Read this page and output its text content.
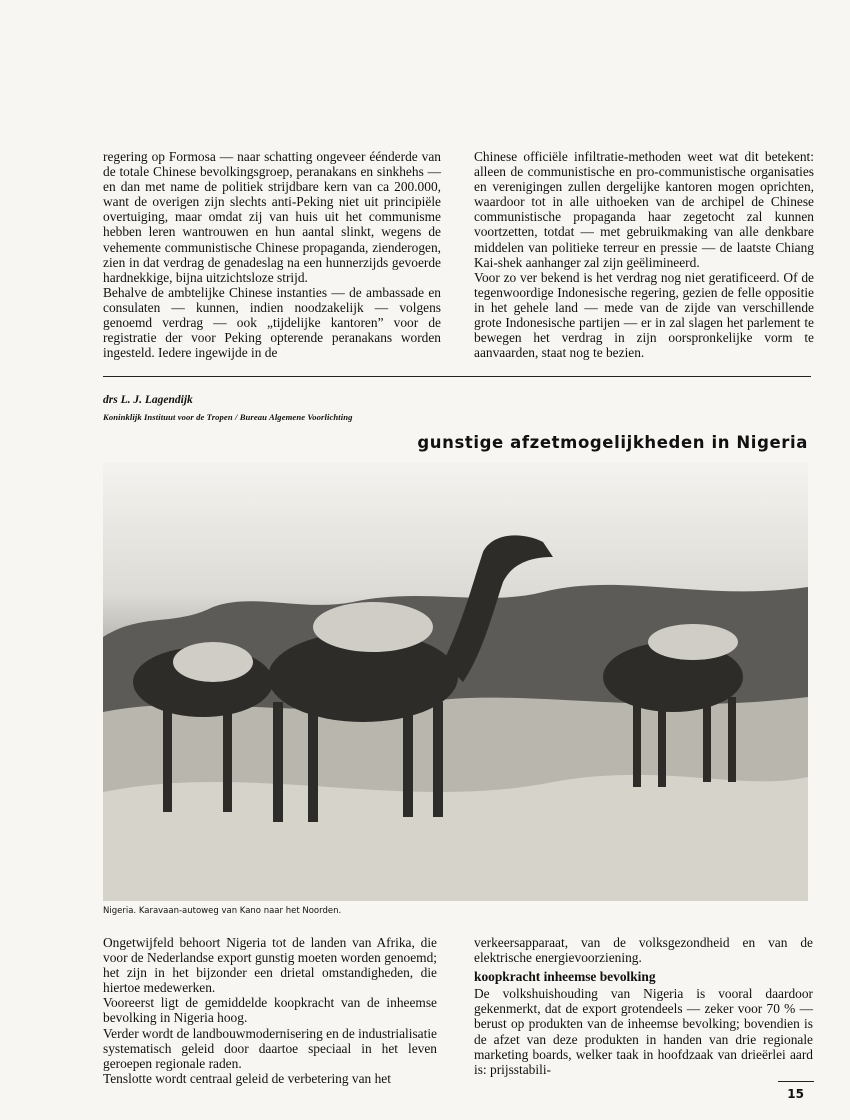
regering op Formosa — naar schatting ongeveer éénderde van de totale Chinese bevolkingsgroep, peranakans en sinkhehs — en dan met name de politiek strijdbare kern van ca 200.000, want de overigen zijn slechts anti-Peking niet uit principiële overtuiging, maar omdat zij van huis uit het communisme hebben leren wantrouwen en hun aantal slinkt, wegens de vehemente communistische Chinese propaganda, zienderogen, zien in dat verdrag de genadeslag na een hunnerzijds gevoerde hardnekkige, bijna uitzichtsloze strijd.

Behalve de ambtelijke Chinese instanties — de ambassade en consulaten — kunnen, indien noodzakelijk — volgens genoemd verdrag — ook „tijdelijke kantoren” voor de registratie der voor Peking opterende peranakans worden ingesteld. Iedere ingewijde in de

Chinese officiële infiltratie-methoden weet wat dit betekent: alleen de communistische en pro-communistische organisaties en verenigingen zullen dergelijke kantoren mogen oprichten, waardoor tot in alle uithoeken van de archipel de Chinese communistische propaganda haar zegetocht zal kunnen voortzetten, totdat — met gebruikmaking van alle denkbare middelen van politieke terreur en pressie — de laatste Chiang Kai-shek aanhanger zal zijn geëlimineerd.

Voor zo ver bekend is het verdrag nog niet geratificeerd. Of de tegenwoordige Indonesische regering, gezien de felle oppositie in het gehele land — mede van de zijde van verschillende grote Indonesische partijen — er in zal slagen het parlement te bewegen het verdrag in zijn oorspronkelijke vorm te aanvaarden, staat nog te bezien.

drs L. J. Lagendijk
Koninklijk Instituut voor de Tropen / Bureau Algemene Voorlichting
gunstige afzetmogelijkheden in Nigeria
Nigeria. Karavaan-autoweg van Kano naar het Noorden.

Ongetwijfeld behoort Nigeria tot de landen van Afrika, die voor de Nederlandse export gunstig moeten worden genoemd; het zijn in het bijzonder een drietal omstandigheden, die hiertoe medewerken.

Vooreerst ligt de gemiddelde koopkracht van de inheemse bevolking in Nigeria hoog.

Verder wordt de landbouwmodernisering en de industrialisatie systematisch geleid door daartoe speciaal in het leven geroepen regionale raden.

Tenslotte wordt centraal geleid de verbetering van het

verkeersapparaat, van de volksgezondheid en van de elektrische energievoorziening.

koopkracht inheemse bevolking

De volkshuishouding van Nigeria is vooral daardoor gekenmerkt, dat de export grotendeels — zeker voor 70 % — berust op produkten van de inheemse bevolking; bovendien is de afzet van deze produkten in handen van drie regionale marketing boards, welker taak in hoofdzaak van drieërlei aard is: prijsstabili-

15
